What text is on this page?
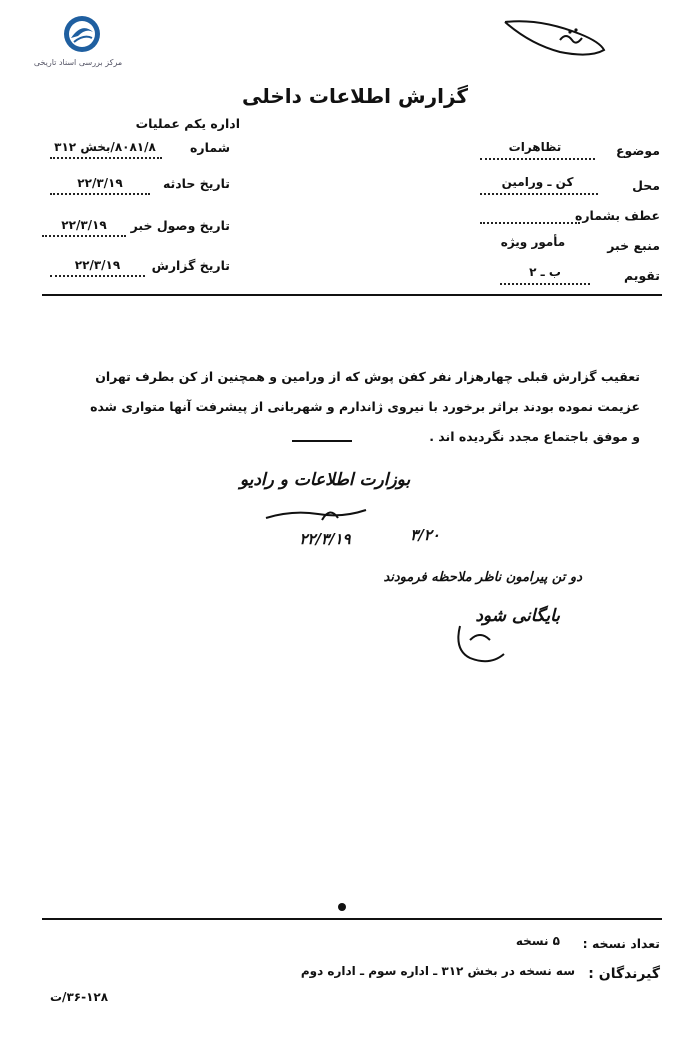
مرکز بررسی اسناد تاریخی
گزارش اطلاعات داخلی
اداره یکم عملیات
شماره
۸۰۸۱/۸/بخش ۳۱۲
تاریخ حادثه
۲۲/۳/۱۹
تاریخ وصول خبر
۲۲/۳/۱۹
تاریخ گزارش
۲۲/۳/۱۹
موضوع
تظاهرات
محل
کن ـ ورامین
عطف بشماره
منبع خبر
مأمور ویژه
تقویم
ب ـ ۲
تعقیب گزارش قبلی چهارهزار نفر کفن پوش که از ورامین و همچنین از کن بطرف تهران
عزیمت نموده بودند براثر برخورد با نیروی ژاندارم و شهربانی از پیشرفت آنها متواری شده
و موفق باجتماع مجدد نگردیده اند .
بوزارت اطلاعات و رادیو
۲۲/۳/۱۹	۳/۲۰
دو تن پیرامون ناظر ملاحظه فرمودند
بایگانی شود
تعداد نسخه :
۵ نسخه
گیرندگان :
سه نسخه در بخش ۳۱۲ ـ اداره سوم ـ اداره دوم
۳۶-۱۲۸/ت
